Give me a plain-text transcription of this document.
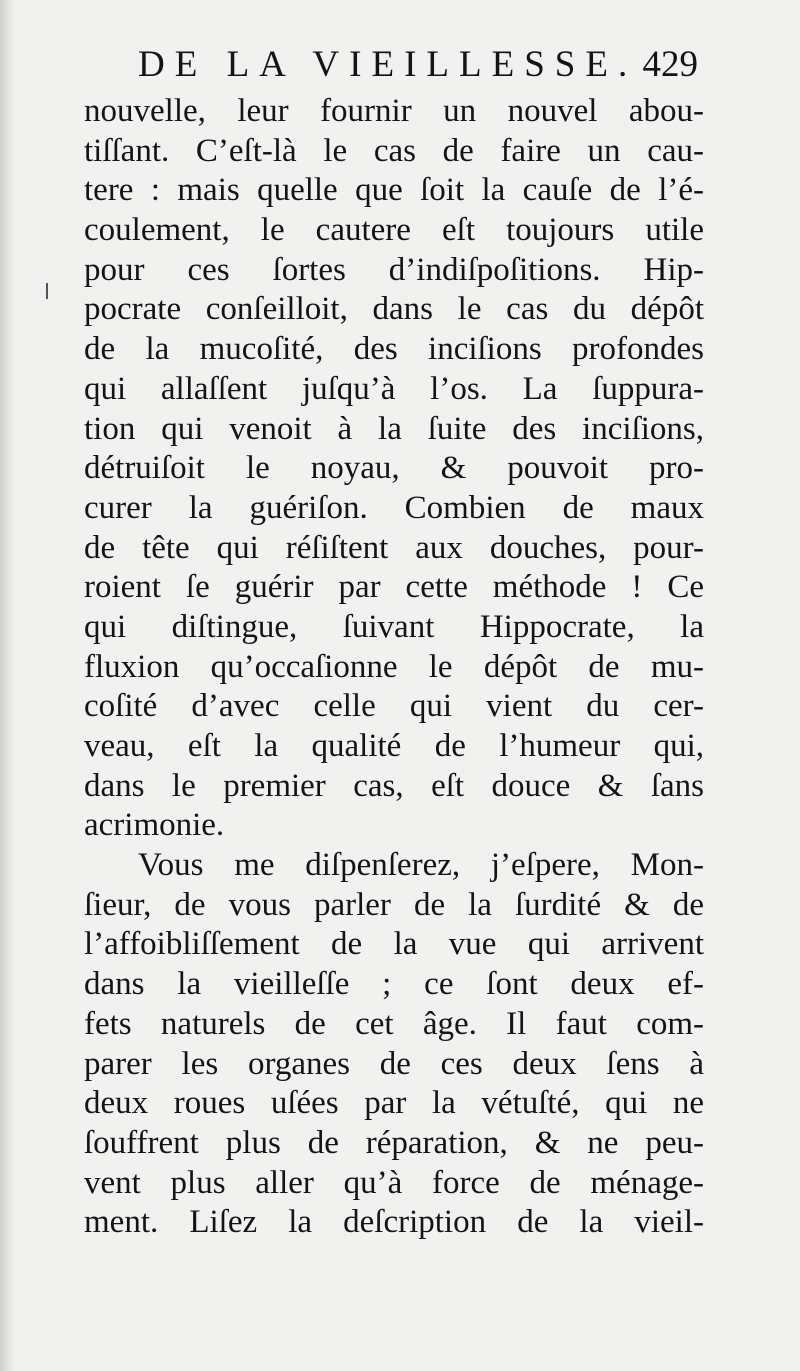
DE LA VIEILLESSE. 429
nouvelle, leur fournir un nouvel abou-
tiſſant. C’eſt-là le cas de faire un cau-
tere : mais quelle que ſoit la cauſe de l’é-
coulement, le cautere eſt toujours utile
pour ces ſortes d’indiſpoſitions. Hip-
pocrate conſeilloit, dans le cas du dépôt
de la mucoſité, des inciſions profondes
qui allaſſent juſqu’à l’os. La ſuppura-
tion qui venoit à la ſuite des inciſions,
détruiſoit le noyau, & pouvoit pro-
curer la guériſon. Combien de maux
de tête qui réſiſtent aux douches, pour-
roient ſe guérir par cette méthode ! Ce
qui diſtingue, ſuivant Hippocrate, la
fluxion qu’occaſionne le dépôt de mu-
coſité d’avec celle qui vient du cer-
veau, eſt la qualité de l’humeur qui,
dans le premier cas, eſt douce & ſans
acrimonie.
Vous me diſpenſerez, j’eſpere, Mon-
ſieur, de vous parler de la ſurdité & de
l’affoibliſſement de la vue qui arrivent
dans la vieilleſſe ; ce ſont deux ef-
fets naturels de cet âge. Il faut com-
parer les organes de ces deux ſens à
deux roues uſées par la vétuſté, qui ne
ſouffrent plus de réparation, & ne peu-
vent plus aller qu’à force de ménage-
ment. Liſez la deſcription de la vieil-
